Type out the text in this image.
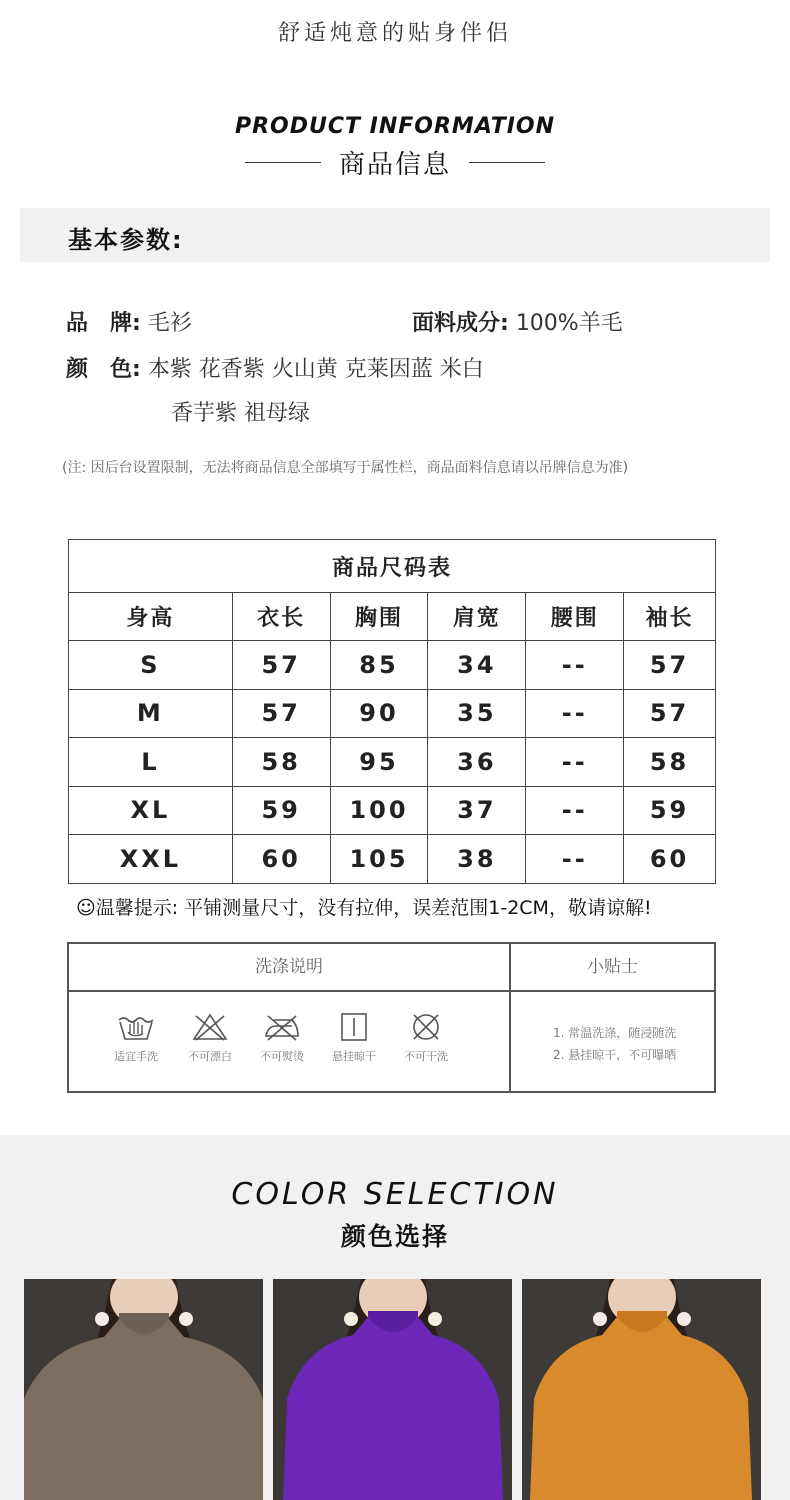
舒适炖意的贴身伴侣
PRODUCT INFORMATION
商品信息
基本参数:
品　牌: 毛衫	面料成分: 100%羊毛
颜　色: 本紫 花香紫 火山黄 克莱因蓝 米白
香芋紫 祖母绿
(注: 因后台设置限制，无法将商品信息全部填写于属性栏，商品面料信息请以吊牌信息为准)
商品尺码表					
身高	衣长	胸围	肩宽	腰围	袖长
S	57	85	34	--	57
M	57	90	35	--	57
L	58	95	36	--	58
XL	59	100	37	--	59
XXL	60	105	38	--	60
☺温馨提示: 平铺测量尺寸，没有拉伸，误差范围1-2CM，敬请谅解!
洗涤说明	小贴士
适宜手洗	不可漂白	不可熨烫	悬挂晾干	不可干洗
1. 常温洗涤，随浸随洗
2. 悬挂晾干，不可曝晒
COLOR SELECTION
颜色选择
